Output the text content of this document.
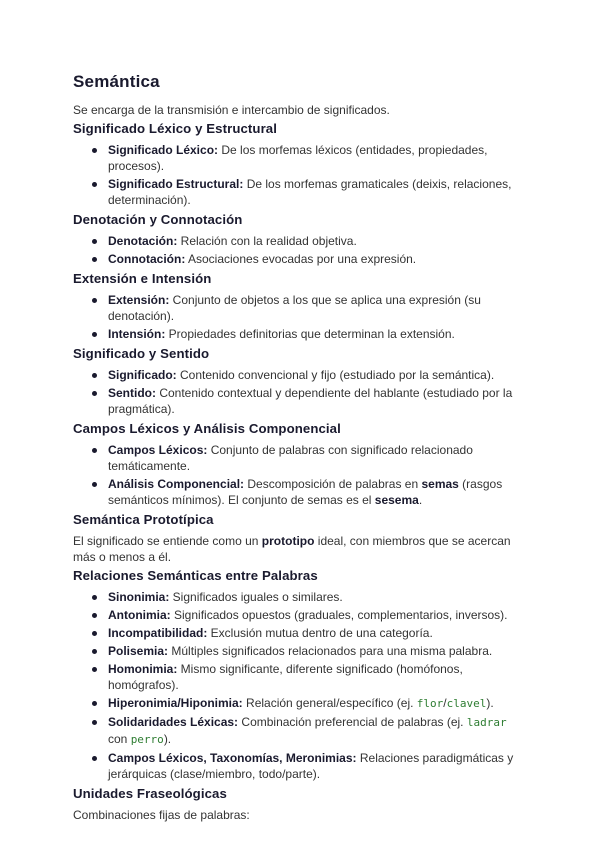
Semántica

Se encarga de la transmisión e intercambio de significados.

Significado Léxico y Estructural
Significado Léxico: De los morfemas léxicos (entidades, propiedades, procesos).
Significado Estructural: De los morfemas gramaticales (deixis, relaciones, determinación).
Denotación y Connotación
Denotación: Relación con la realidad objetiva.
Connotación: Asociaciones evocadas por una expresión.
Extensión e Intensión
Extensión: Conjunto de objetos a los que se aplica una expresión (su denotación).
Intensión: Propiedades definitorias que determinan la extensión.
Significado y Sentido
Significado: Contenido convencional y fijo (estudiado por la semántica).
Sentido: Contenido contextual y dependiente del hablante (estudiado por la pragmática).
Campos Léxicos y Análisis Componencial
Campos Léxicos: Conjunto de palabras con significado relacionado temáticamente.
Análisis Componencial: Descomposición de palabras en semas (rasgos semánticos mínimos). El conjunto de semas es el sesema.
Semántica Prototípica

El significado se entiende como un prototipo ideal, con miembros que se acercan más o menos a él.

Relaciones Semánticas entre Palabras
Sinonimia: Significados iguales o similares.
Antonimia: Significados opuestos (graduales, complementarios, inversos).
Incompatibilidad: Exclusión mutua dentro de una categoría.
Polisemia: Múltiples significados relacionados para una misma palabra.
Homonimia: Mismo significante, diferente significado (homófonos, homógrafos).
Hiperonimia/Hiponimia: Relación general/específico (ej. flor/clavel).
Solidaridades Léxicas: Combinación preferencial de palabras (ej. ladrar
con perro).
Campos Léxicos, Taxonomías, Meronimias: Relaciones paradigmáticas y jerárquicas (clase/miembro, todo/parte).
Unidades Fraseológicas

Combinaciones fijas de palabras:
